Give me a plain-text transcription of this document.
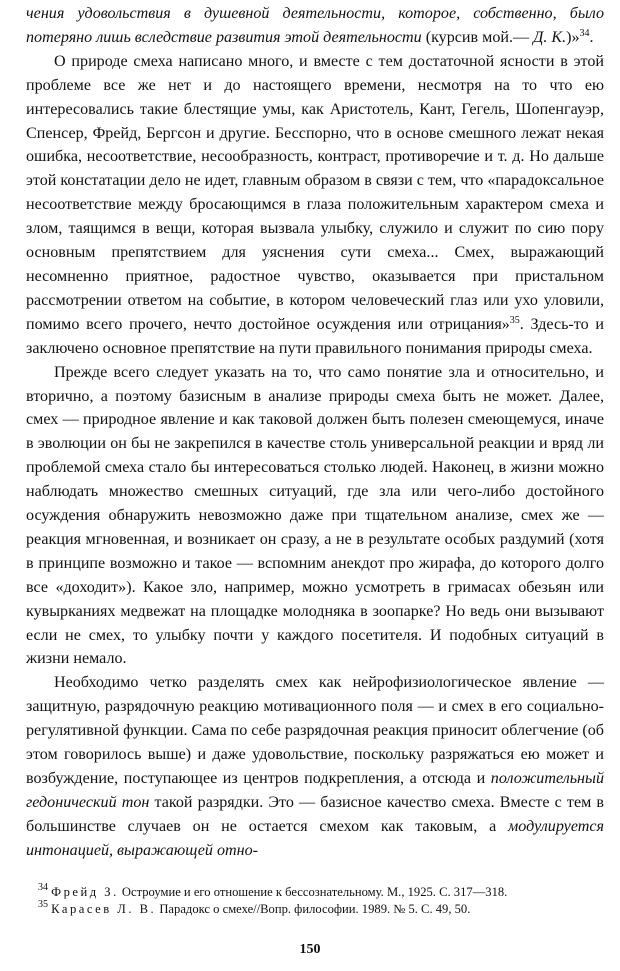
чения удовольствия в душевной деятельности, которое, собственно, было потеряно лишь вследствие развития этой деятельности (курсив мой.— Д. К.)»$^{34}$.

О природе смеха написано много, и вместе с тем достаточной ясности в этой проблеме все же нет и до настоящего времени, несмотря на то что ею интересовались такие блестящие умы, как Аристотель, Кант, Гегель, Шопенгауэр, Спенсер, Фрейд, Бергсон и другие. Бесспорно, что в основе смешного лежат некая ошибка, несоответствие, несообразность, контраст, противоречие и т. д. Но дальше этой констатации дело не идет, главным образом в связи с тем, что «парадоксальное несоответствие между бросающимся в глаза положительным характером смеха и злом, таящимся в вещи, которая вызвала улыбку, служило и служит по сию пору основным препятствием для уяснения сути смеха... Смех, выражающий несомненно приятное, радостное чувство, оказывается при пристальном рассмотрении ответом на событие, в котором человеческий глаз или ухо уловили, помимо всего прочего, нечто достойное осуждения или отрицания»$^{35}$. Здесь-то и заключено основное препятствие на пути правильного понимания природы смеха.

Прежде всего следует указать на то, что само понятие зла и относительно, и вторично, а поэтому базисным в анализе природы смеха быть не может. Далее, смех — природное явление и как таковой должен быть полезен смеющемуся, иначе в эволюции он бы не закрепился в качестве столь универсальной реакции и вряд ли проблемой смеха стало бы интересоваться столько людей. Наконец, в жизни можно наблюдать множество смешных ситуаций, где зла или чего-либо достойного осуждения обнаружить невозможно даже при тщательном анализе, смех же — реакция мгновенная, и возникает он сразу, а не в результате особых раздумий (хотя в принципе возможно и такое — вспомним анекдот про жирафа, до которого долго все «доходит»). Какое зло, например, можно усмотреть в гримасах обезьян или кувырканиях медвежат на площадке молодняка в зоопарке? Но ведь они вызывают если не смех, то улыбку почти у каждого посетителя. И подобных ситуаций в жизни немало.

Необходимо четко разделять смех как нейрофизиологическое явление — защитную, разрядочную реакцию мотивационного поля — и смех в его социально-регулятивной функции. Сама по себе разрядочная реакция приносит облегчение (об этом говорилось выше) и даже удовольствие, поскольку разряжаться ею может и возбуждение, поступающее из центров подкрепления, а отсюда и положительный гедонический тон такой разрядки. Это — базисное качество смеха. Вместе с тем в большинстве случаев он не остается смехом как таковым, а модулируется интонацией, выражающей отно-

$^{34}$ Фрейд З. Остроумие и его отношение к бессознательному. М., 1925. С. 317—318.

$^{35}$ Карасев Л. В. Парадокс о смехе//Вопр. философии. 1989. № 5. С. 49, 50.

150
